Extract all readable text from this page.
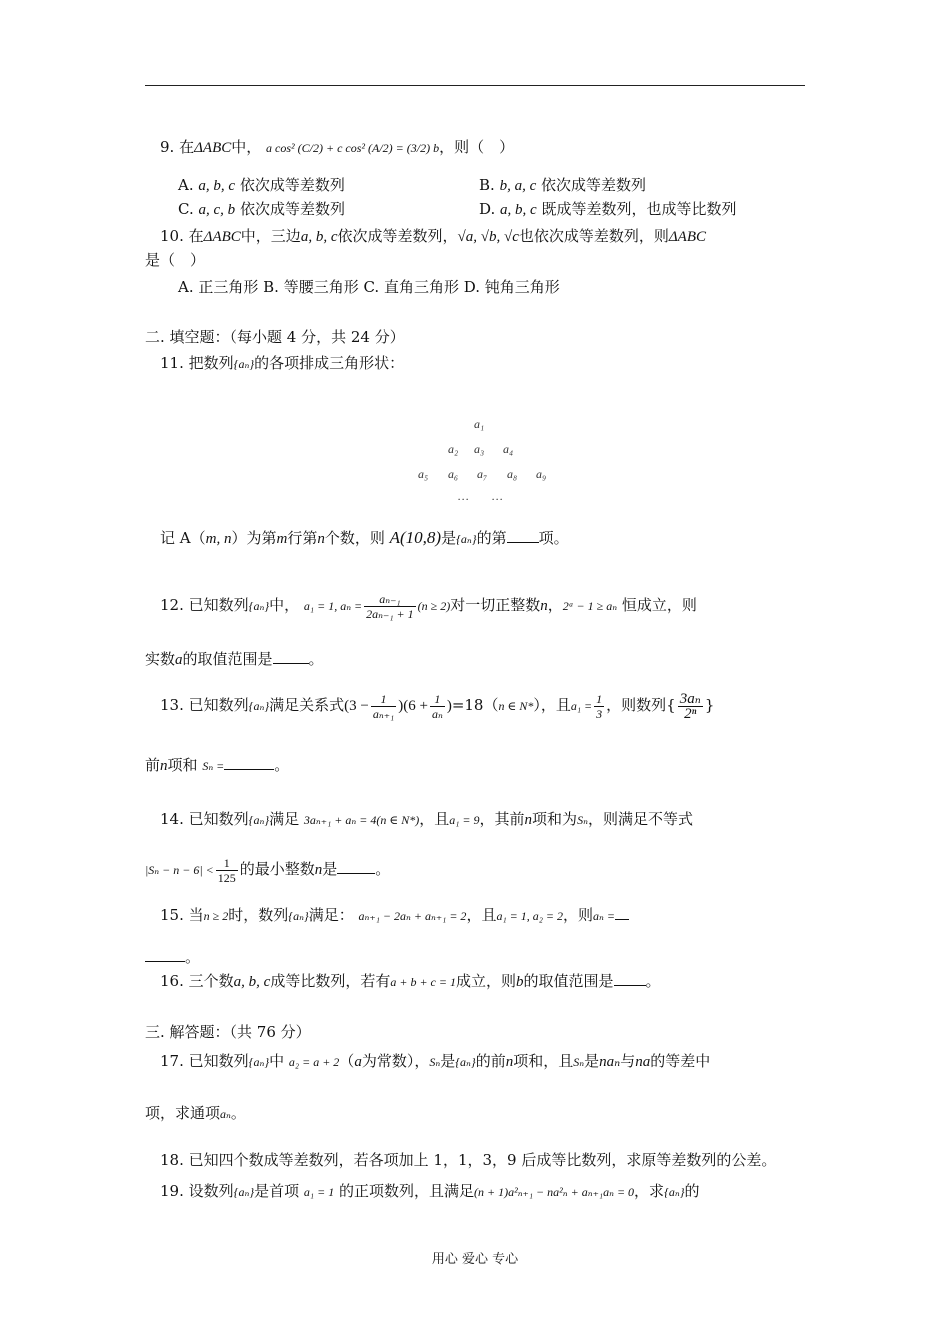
9. 在ΔABC中， a cos² (C/2) + c cos² (A/2) = (3/2) b，则（　）
A. a, b, c 依次成等差数列	B. b, a, c 依次成等差数列
C. a, c, b 依次成等差数列	D. a, b, c 既成等差数列，也成等比数列
10. 在ΔABC中，三边a, b, c依次成等差数列，√a, √b, √c也依次成等差数列，则ΔABC
是（　）
A. 正三角形 B. 等腰三角形 C. 直角三角形 D. 钝角三角形
二. 填空题：（每小题 4 分，共 24 分）
11. 把数列{aₙ}的各项排成三角形状：
a₁
a₂ a₃ a₄
a₅ a₆ a₇ a₈ a₉
… …
记 A（m, n）为第m行第n个数，则 A(10,8)是{aₙ}的第 项。
12. 已知数列{aₙ}中， a₁ = 1, $a_n = \frac{\text{aₙ₋₁}}{\text{2aₙ₋₁ + 1}} (n \ge 2)$对一切正整数n，2ᵃ − 1 ≥ aₙ 恒成立，则
实数a的取值范围是 。
13. 已知数列{aₙ}满足关系式$(3 - \frac{1}{\text{aₙ₊₁}} )(6 + \frac{1}{\text{aₙ}} )=18(n$ ∈ N*），且$a_1 = \frac{1}{3}$ ，则数列{ $\frac{\text{3aₙ}}{\text{2ⁿ}}$ }
前n项和 Sₙ =	。
14. 已知数列{aₙ}满足 3aₙ₊₁ + aₙ = 4(n ∈ N*)，且a₁ = 9，其前n项和为Sₙ，则满足不等式
$|S_n - n - 6| < \frac{1}{125}$ 的最小整数n是	。
15. 当n ≥ 2时，数列{aₙ}满足： aₙ₊₁ − 2aₙ + aₙ₊₁ = 2，且a₁ = 1, a₂ = 2，则aₙ =
。
16. 三个数a, b, c成等比数列，若有a + b + c = 1成立，则b的取值范围是 。
三. 解答题：（共 76 分）
17. 已知数列{aₙ}中 a₂ = a + 2（a为常数），Sₙ是{aₙ}的前n项和，且Sₙ是naₙ与na的等差中
项，求通项aₙ。
18. 已知四个数成等差数列，若各项加上 1，1，3，9 后成等比数列，求原等差数列的公差。
19. 设数列{aₙ}是首项 a₁ = 1 的正项数列，且满足(n + 1)a²ₙ₊₁ − na²ₙ + aₙ₊₁aₙ = 0，求{aₙ}的
用心 爱心 专心
